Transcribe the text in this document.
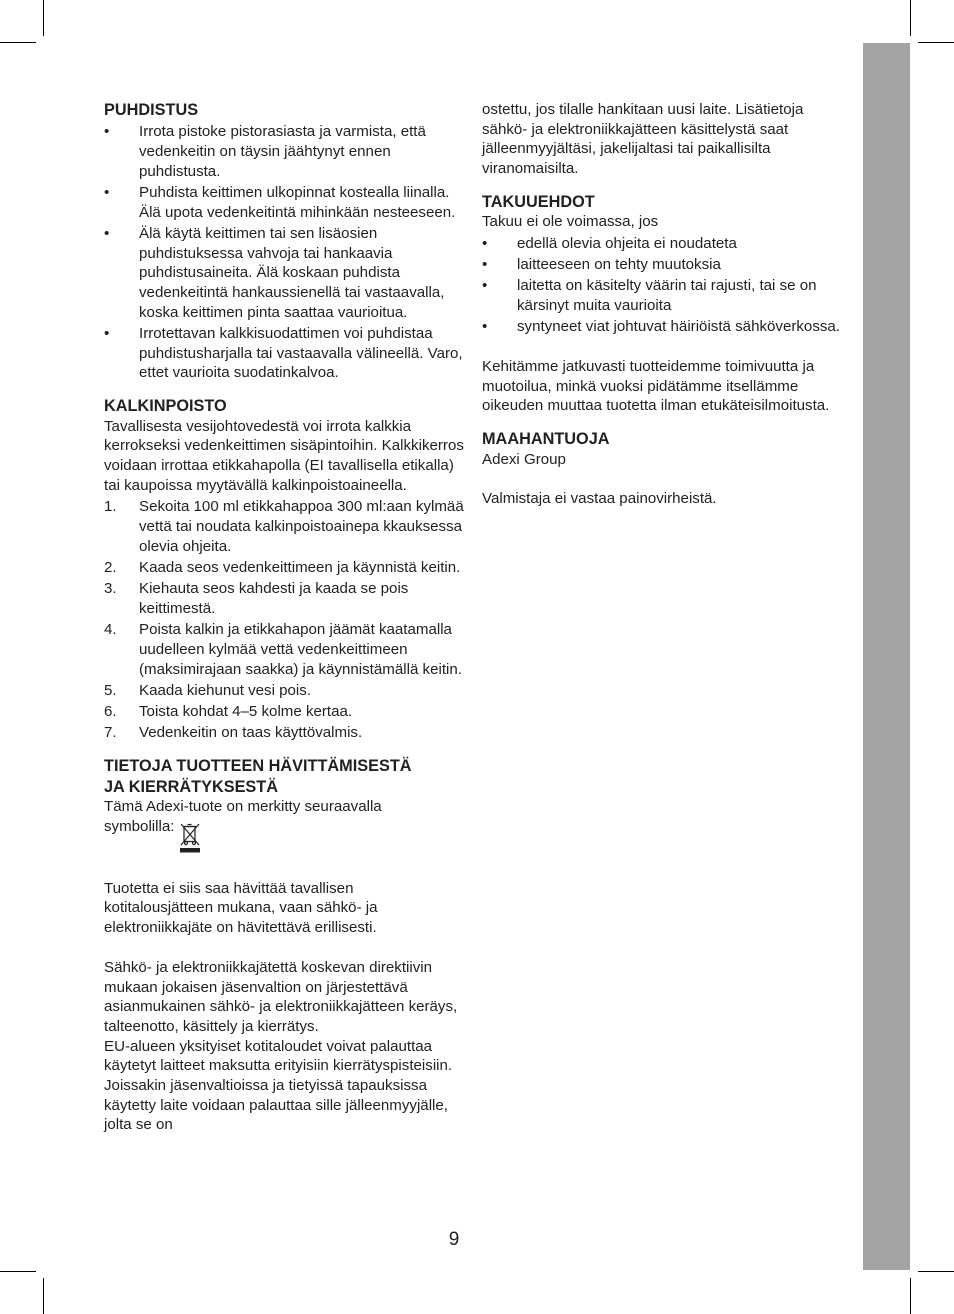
PUHDISTUS
• Irrota pistoke pistorasiasta ja varmista, että vedenkeitin on täysin jäähtynyt ennen puhdistusta.
• Puhdista keittimen ulkopinnat kostealla liinalla. Älä upota vedenkeitintä mihinkään nesteeseen.
• Älä käytä keittimen tai sen lisäosien puhdistuksessa vahvoja tai hankaavia puhdistusaineita. Älä koskaan puhdista vedenkeitintä hankaussienellä tai vastaavalla, koska keittimen pinta saattaa vaurioitua.
• Irrotettavan kalkkisuodattimen voi puhdistaa puhdistusharjalla tai vastaavalla välineellä. Varo, ettet vaurioita suodatinkalvoa.
KALKINPOISTO

Tavallisesta vesijohtovedestä voi irrota kalkkia kerrokseksi vedenkeittimen sisäpintoihin. Kalkkikerros voidaan irrottaa etikkahapolla (EI tavallisella etikalla) tai kaupoissa myytävällä kalkinpoistoaineella.

1. Sekoita 100 ml etikkahappoa 300 ml:aan kylmää vettä tai noudata kalkinpoistoainepa kkauksessa olevia ohjeita.
2. Kaada seos vedenkeittimeen ja käynnistä keitin.
3. Kiehauta seos kahdesti ja kaada se pois keittimestä.
4. Poista kalkin ja etikkahapon jäämät kaatamalla uudelleen kylmää vettä vedenkeittimeen (maksimirajaan saakka) ja käynnistämällä keitin.
5. Kaada kiehunut vesi pois.
6. Toista kohdat 4–5 kolme kertaa.
7. Vedenkeitin on taas käyttövalmis.
TIETOJA TUOTTEEN HÄVITTÄMISESTÄ
JA KIERRÄTYKSESTÄ

Tämä Adexi-tuote on merkitty seuraavalla
symbolilla:

Tuotetta ei siis saa hävittää tavallisen kotitalousjätteen mukana, vaan sähkö- ja elektroniikkajäte on hävitettävä erillisesti.

Sähkö- ja elektroniikkajätettä koskevan direktiivin mukaan jokaisen jäsenvaltion on järjestettävä asianmukainen sähkö- ja elektroniikkajätteen keräys, talteenotto, käsittely ja kierrätys.

EU-alueen yksityiset kotitaloudet voivat palauttaa käytetyt laitteet maksutta erityisiin kierrätyspisteisiin. Joissakin jäsenvaltioissa ja tietyissä tapauksissa käytetty laite voidaan palauttaa sille jälleenmyyjälle, jolta se on

ostettu, jos tilalle hankitaan uusi laite. Lisätietoja sähkö- ja elektroniikkajätteen käsittelystä saat jälleenmyyjältäsi, jakelijaltasi tai paikallisilta viranomaisilta.

TAKUUEHDOT

Takuu ei ole voimassa, jos

• edellä olevia ohjeita ei noudateta
• laitteeseen on tehty muutoksia
• laitetta on käsitelty väärin tai rajusti, tai se on kärsinyt muita vaurioita
• syntyneet viat johtuvat häiriöistä sähköverkossa.

Kehitämme jatkuvasti tuotteidemme toimivuutta ja muotoilua, minkä vuoksi pidätämme itsellämme oikeuden muuttaa tuotetta ilman etukäteisilmoitusta.

MAAHANTUOJA

Adexi Group

Valmistaja ei vastaa painovirheistä.

9
